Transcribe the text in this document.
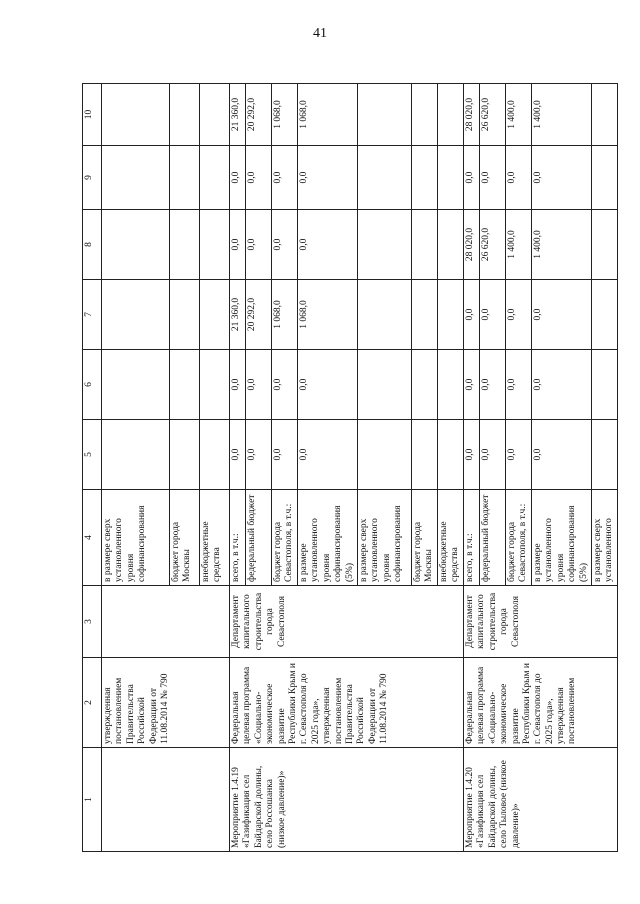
41
1	2	3	4	5	6	7	8	9	10
	утвержденная постановлением Правительства Российской Федерации от 11.08.2014 № 790		в размере сверх установленного уровня софинансирования						
			бюджет города Москвы						
			внебюджетные средства						
Мероприятие 1.4.19 «Газификация сел Байдарской долины, село Россошанка (низкое давление)»	Федеральная целевая программа «Социально-экономическое развитие Республики Крым и г. Севастополя до 2025 года», утвержденная постановлением Правительства Российской Федерации от 11.08.2014 № 790	Департамент капитального строительства города Севастополя	всего, в т.ч.:	0,0	0,0	21 360,0	0,0	0,0	21 360,0
			федеральный бюджет	0,0	0,0	20 292,0	0,0	0,0	20 292,0
			бюджет города Севастополя, в т.ч.:	0,0	0,0	1 068,0	0,0	0,0	1 068,0
			в размере установленного уровня софинансирования (5%)	0,0	0,0	1 068,0	0,0	0,0	1 068,0
			в размере сверх установленного уровня софинансирования						
			бюджет города Москвы						
			внебюджетные средства						
Мероприятие 1.4.20 «Газификация сел Байдарской долины, село Тыловое (низкое давление)»	Федеральная целевая программа «Социально-экономическое развитие Республики Крым и г. Севастополя до 2025 года», утвержденная постановлением	Департамент капитального строительства города Севастополя	всего, в т.ч.:	0,0	0,0	0,0	28 020,0	0,0	28 020,0
			федеральный бюджет	0,0	0,0	0,0	26 620,0	0,0	26 620,0
			бюджет города Севастополя, в т.ч.:	0,0	0,0	0,0	1 400,0	0,0	1 400,0
			в размере установленного уровня софинансирования (5%)	0,0	0,0	0,0	1 400,0	0,0	1 400,0
			в размере сверх установленного						
